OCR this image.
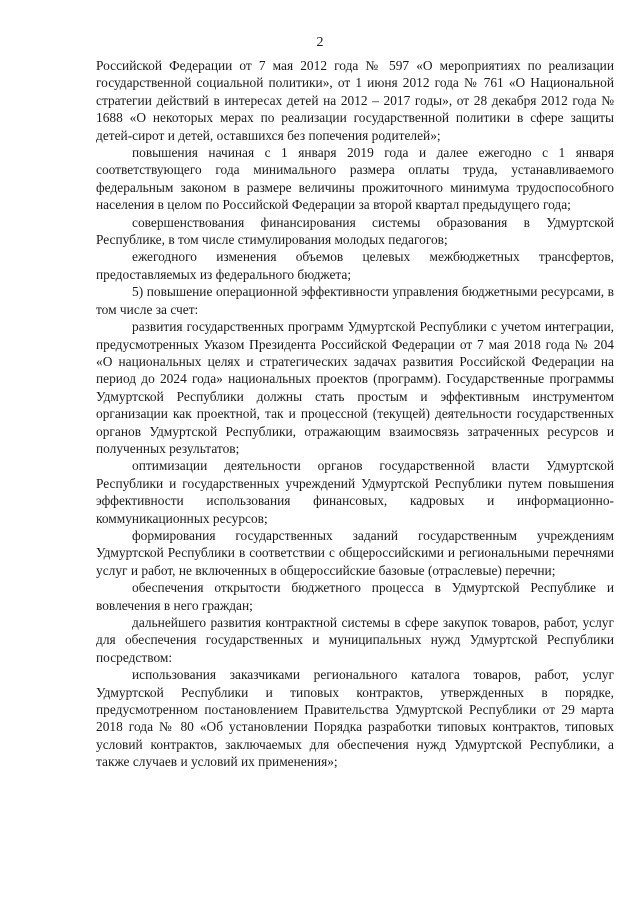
2

Российской Федерации от 7 мая 2012 года № 597 «О мероприятиях по реализации государственной социальной политики», от 1 июня 2012 года № 761 «О Национальной стратегии действий в интересах детей на 2012 – 2017 годы», от 28 декабря 2012 года № 1688 «О некоторых мерах по реализации государственной политики в сфере защиты детей-сирот и детей, оставшихся без попечения родителей»;

повышения начиная с 1 января 2019 года и далее ежегодно с 1 января соответствующего года минимального размера оплаты труда, устанавливаемого федеральным законом в размере величины прожиточного минимума трудоспособного населения в целом по Российской Федерации за второй квартал предыдущего года;

совершенствования финансирования системы образования в Удмуртской Республике, в том числе стимулирования молодых педагогов;

ежегодного изменения объемов целевых межбюджетных трансфертов, предоставляемых из федерального бюджета;

5) повышение операционной эффективности управления бюджетными ресурсами, в том числе за счет:

развития государственных программ Удмуртской Республики с учетом интеграции, предусмотренных Указом Президента Российской Федерации от 7 мая 2018 года № 204 «О национальных целях и стратегических задачах развития Российской Федерации на период до 2024 года» национальных проектов (программ). Государственные программы Удмуртской Республики должны стать простым и эффективным инструментом организации как проектной, так и процессной (текущей) деятельности государственных органов Удмуртской Республики, отражающим взаимосвязь затраченных ресурсов и полученных результатов;

оптимизации деятельности органов государственной власти Удмуртской Республики и государственных учреждений Удмуртской Республики путем повышения эффективности использования финансовых, кадровых и информационно-коммуникационных ресурсов;

формирования государственных заданий государственным учреждениям Удмуртской Республики в соответствии с общероссийскими и региональными перечнями услуг и работ, не включенных в общероссийские базовые (отраслевые) перечни;

обеспечения открытости бюджетного процесса в Удмуртской Республике и вовлечения в него граждан;

дальнейшего развития контрактной системы в сфере закупок товаров, работ, услуг для обеспечения государственных и муниципальных нужд Удмуртской Республики посредством:

использования заказчиками регионального каталога товаров, работ, услуг Удмуртской Республики и типовых контрактов, утвержденных в порядке, предусмотренном постановлением Правительства Удмуртской Республики от 29 марта 2018 года № 80 «Об установлении Порядка разработки типовых контрактов, типовых условий контрактов, заключаемых для обеспечения нужд Удмуртской Республики, а также случаев и условий их применения»;
